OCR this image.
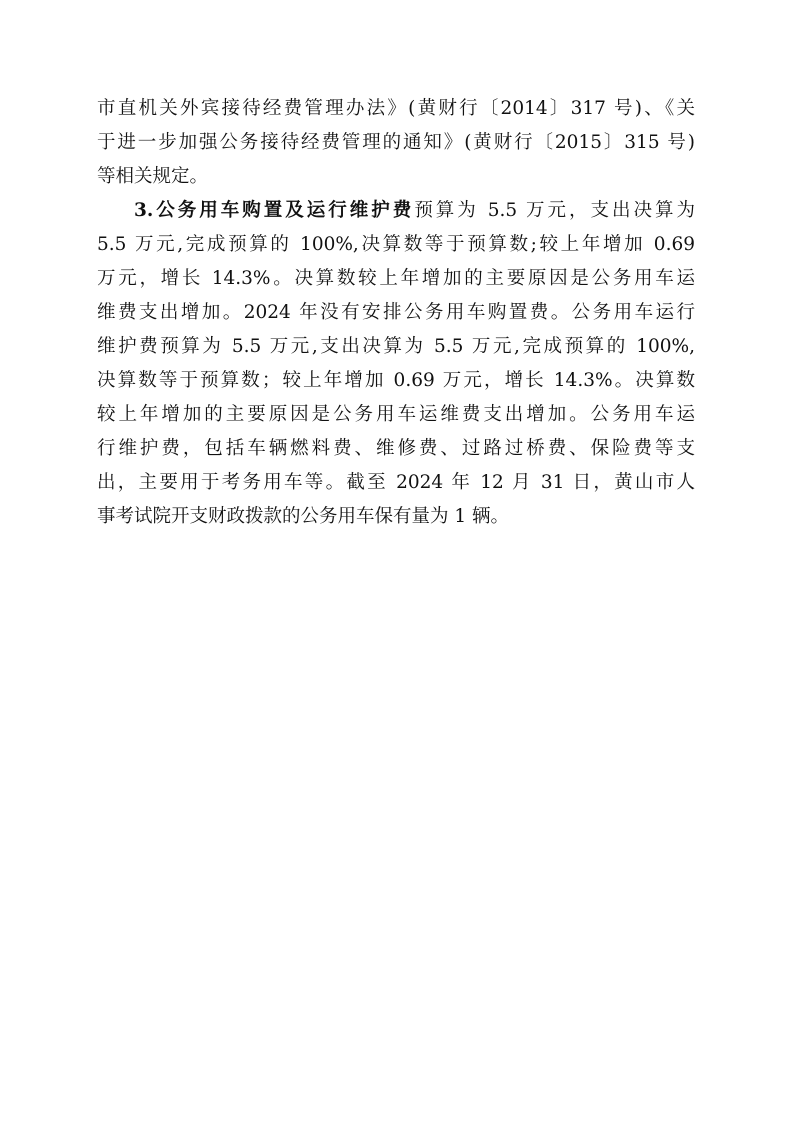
市直机关外宾接待经费管理办法》(黄财行〔2014〕317 号)、《关
于进一步加强公务接待经费管理的通知》(黄财行〔2015〕315 号)
等相关规定。
3.公务用车购置及运行维护费预算为 5.5 万元，支出决算为
5.5 万元,完成预算的 100%,决算数等于预算数;较上年增加 0.69
万元，增长 14.3%。决算数较上年增加的主要原因是公务用车运
维费支出增加。2024 年没有安排公务用车购置费。公务用车运行
维护费预算为 5.5 万元,支出决算为 5.5 万元,完成预算的 100%,
决算数等于预算数；较上年增加 0.69 万元，增长 14.3%。决算数
较上年增加的主要原因是公务用车运维费支出增加。公务用车运
行维护费，包括车辆燃料费、维修费、过路过桥费、保险费等支
出，主要用于考务用车等。截至 2024 年 12 月 31 日，黄山市人
事考试院开支财政拨款的公务用车保有量为 1 辆。
